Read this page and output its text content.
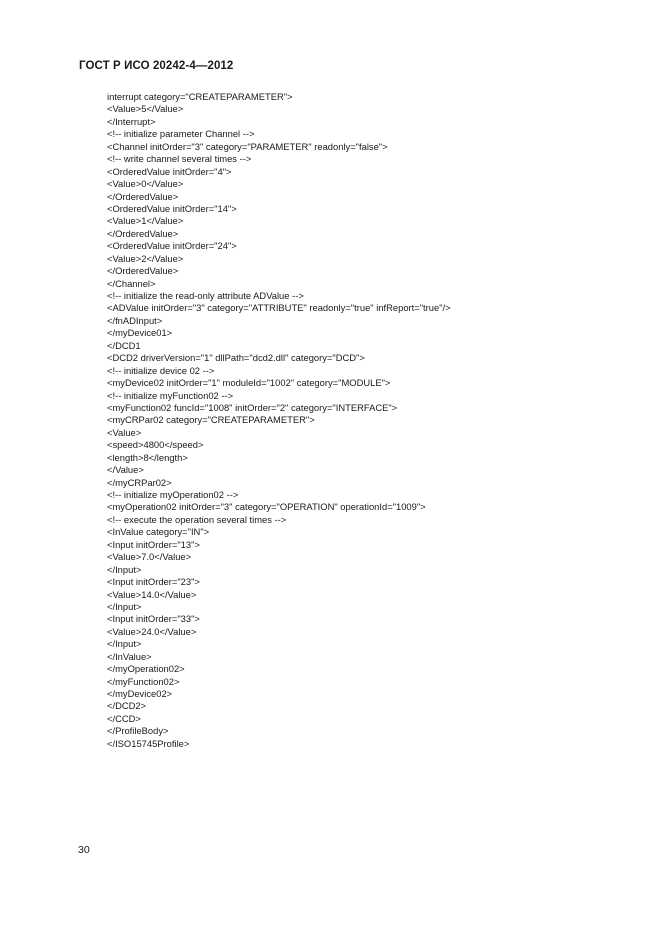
ГОСТ Р ИСО 20242-4—2012
interrupt category="CREATEPARAMETER">
<Value>5</Value>
</Interrupt>
<!-- initialize parameter Channel -->
<Channel initOrder="3" category="PARAMETER" readonly="false">
<!-- write channel several times -->
<OrderedValue initOrder="4">
<Value>0</Value>
</OrderedValue>
<OrderedValue initOrder="14">
<Value>1</Value>
</OrderedValue>
<OrderedValue initOrder="24">
<Value>2</Value>
</OrderedValue>
</Channel>
<!-- initialize the read-only attribute ADValue -->
<ADValue initOrder="3" category="ATTRIBUTE" readonly="true" infReport="true"/>
</fnADInput>
</myDevice01>
</DCD1
<DCD2 driverVersion="1" dllPath="dcd2.dll" category="DCD">
<!-- initialize device 02 -->
<myDevice02 initOrder="1" moduleId="1002" category="MODULE">
<!-- initialize myFunction02 -->
<myFunction02 funcId="1008" initOrder="2" category="INTERFACE">
<myCRPar02 category="CREATEPARAMETER">
<Value>
<speed>4800</speed>
<length>8</length>
</Value>
</myCRPar02>
<!-- initialize myOperation02 -->
<myOperation02 initOrder="3" category="OPERATION" operationId="1009">
<!-- execute the operation several times -->
<InValue category="IN">
<Input initOrder="13">
<Value>7.0</Value>
</Input>
<Input initOrder="23">
<Value>14.0</Value>
</Input>
<Input initOrder="33">
<Value>24.0</Value>
</Input>
</InValue>
</myOperation02>
</myFunction02>
</myDevice02>
</DCD2>
</CCD>
</ProfileBody>
</ISO15745Profile>
30
